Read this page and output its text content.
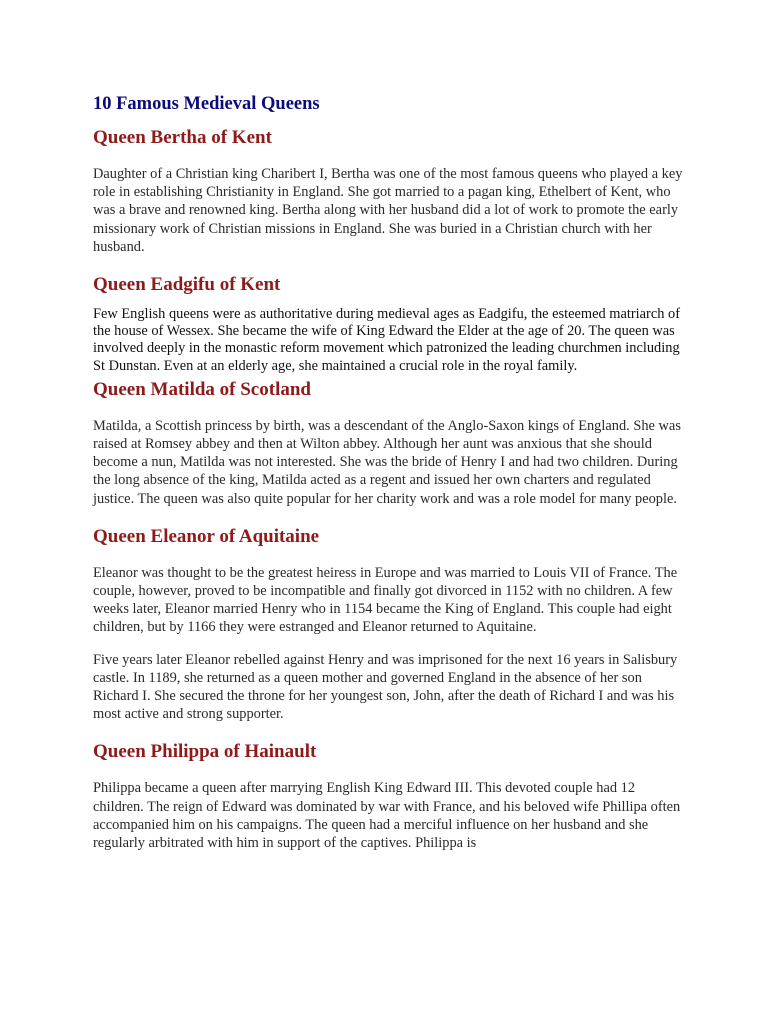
10 Famous Medieval Queens
Queen Bertha of Kent

Daughter of a Christian king Charibert I, Bertha was one of the most famous queens who played a key role in establishing Christianity in England. She got married to a pagan king, Ethelbert of Kent, who was a brave and renowned king. Bertha along with her husband did a lot of work to promote the early missionary work of Christian missions in England. She was buried in a Christian church with her husband.

Queen Eadgifu of Kent

Few English queens were as authoritative during medieval ages as Eadgifu, the esteemed matriarch of the house of Wessex. She became the wife of King Edward the Elder at the age of 20. The queen was involved deeply in the monastic reform movement which patronized the leading churchmen including St Dunstan. Even at an elderly age, she maintained a crucial role in the royal family.

Queen Matilda of Scotland

Matilda, a Scottish princess by birth, was a descendant of the Anglo-Saxon kings of England. She was raised at Romsey abbey and then at Wilton abbey. Although her aunt was anxious that she should become a nun, Matilda was not interested. She was the bride of Henry I and had two children. During the long absence of the king, Matilda acted as a regent and issued her own charters and regulated justice. The queen was also quite popular for her charity work and was a role model for many people.

Queen Eleanor of Aquitaine

Eleanor was thought to be the greatest heiress in Europe and was married to Louis VII of France. The couple, however, proved to be incompatible and finally got divorced in 1152 with no children. A few weeks later, Eleanor married Henry who in 1154 became the King of England. This couple had eight children, but by 1166 they were estranged and Eleanor returned to Aquitaine.

Five years later Eleanor rebelled against Henry and was imprisoned for the next 16 years in Salisbury castle. In 1189, she returned as a queen mother and governed England in the absence of her son Richard I. She secured the throne for her youngest son, John, after the death of Richard I and was his most active and strong supporter.

Queen Philippa of Hainault

Philippa became a queen after marrying English King Edward III. This devoted couple had 12 children. The reign of Edward was dominated by war with France, and his beloved wife Phillipa often accompanied him on his campaigns. The queen had a merciful influence on her husband and she regularly arbitrated with him in support of the captives. Philippa is
